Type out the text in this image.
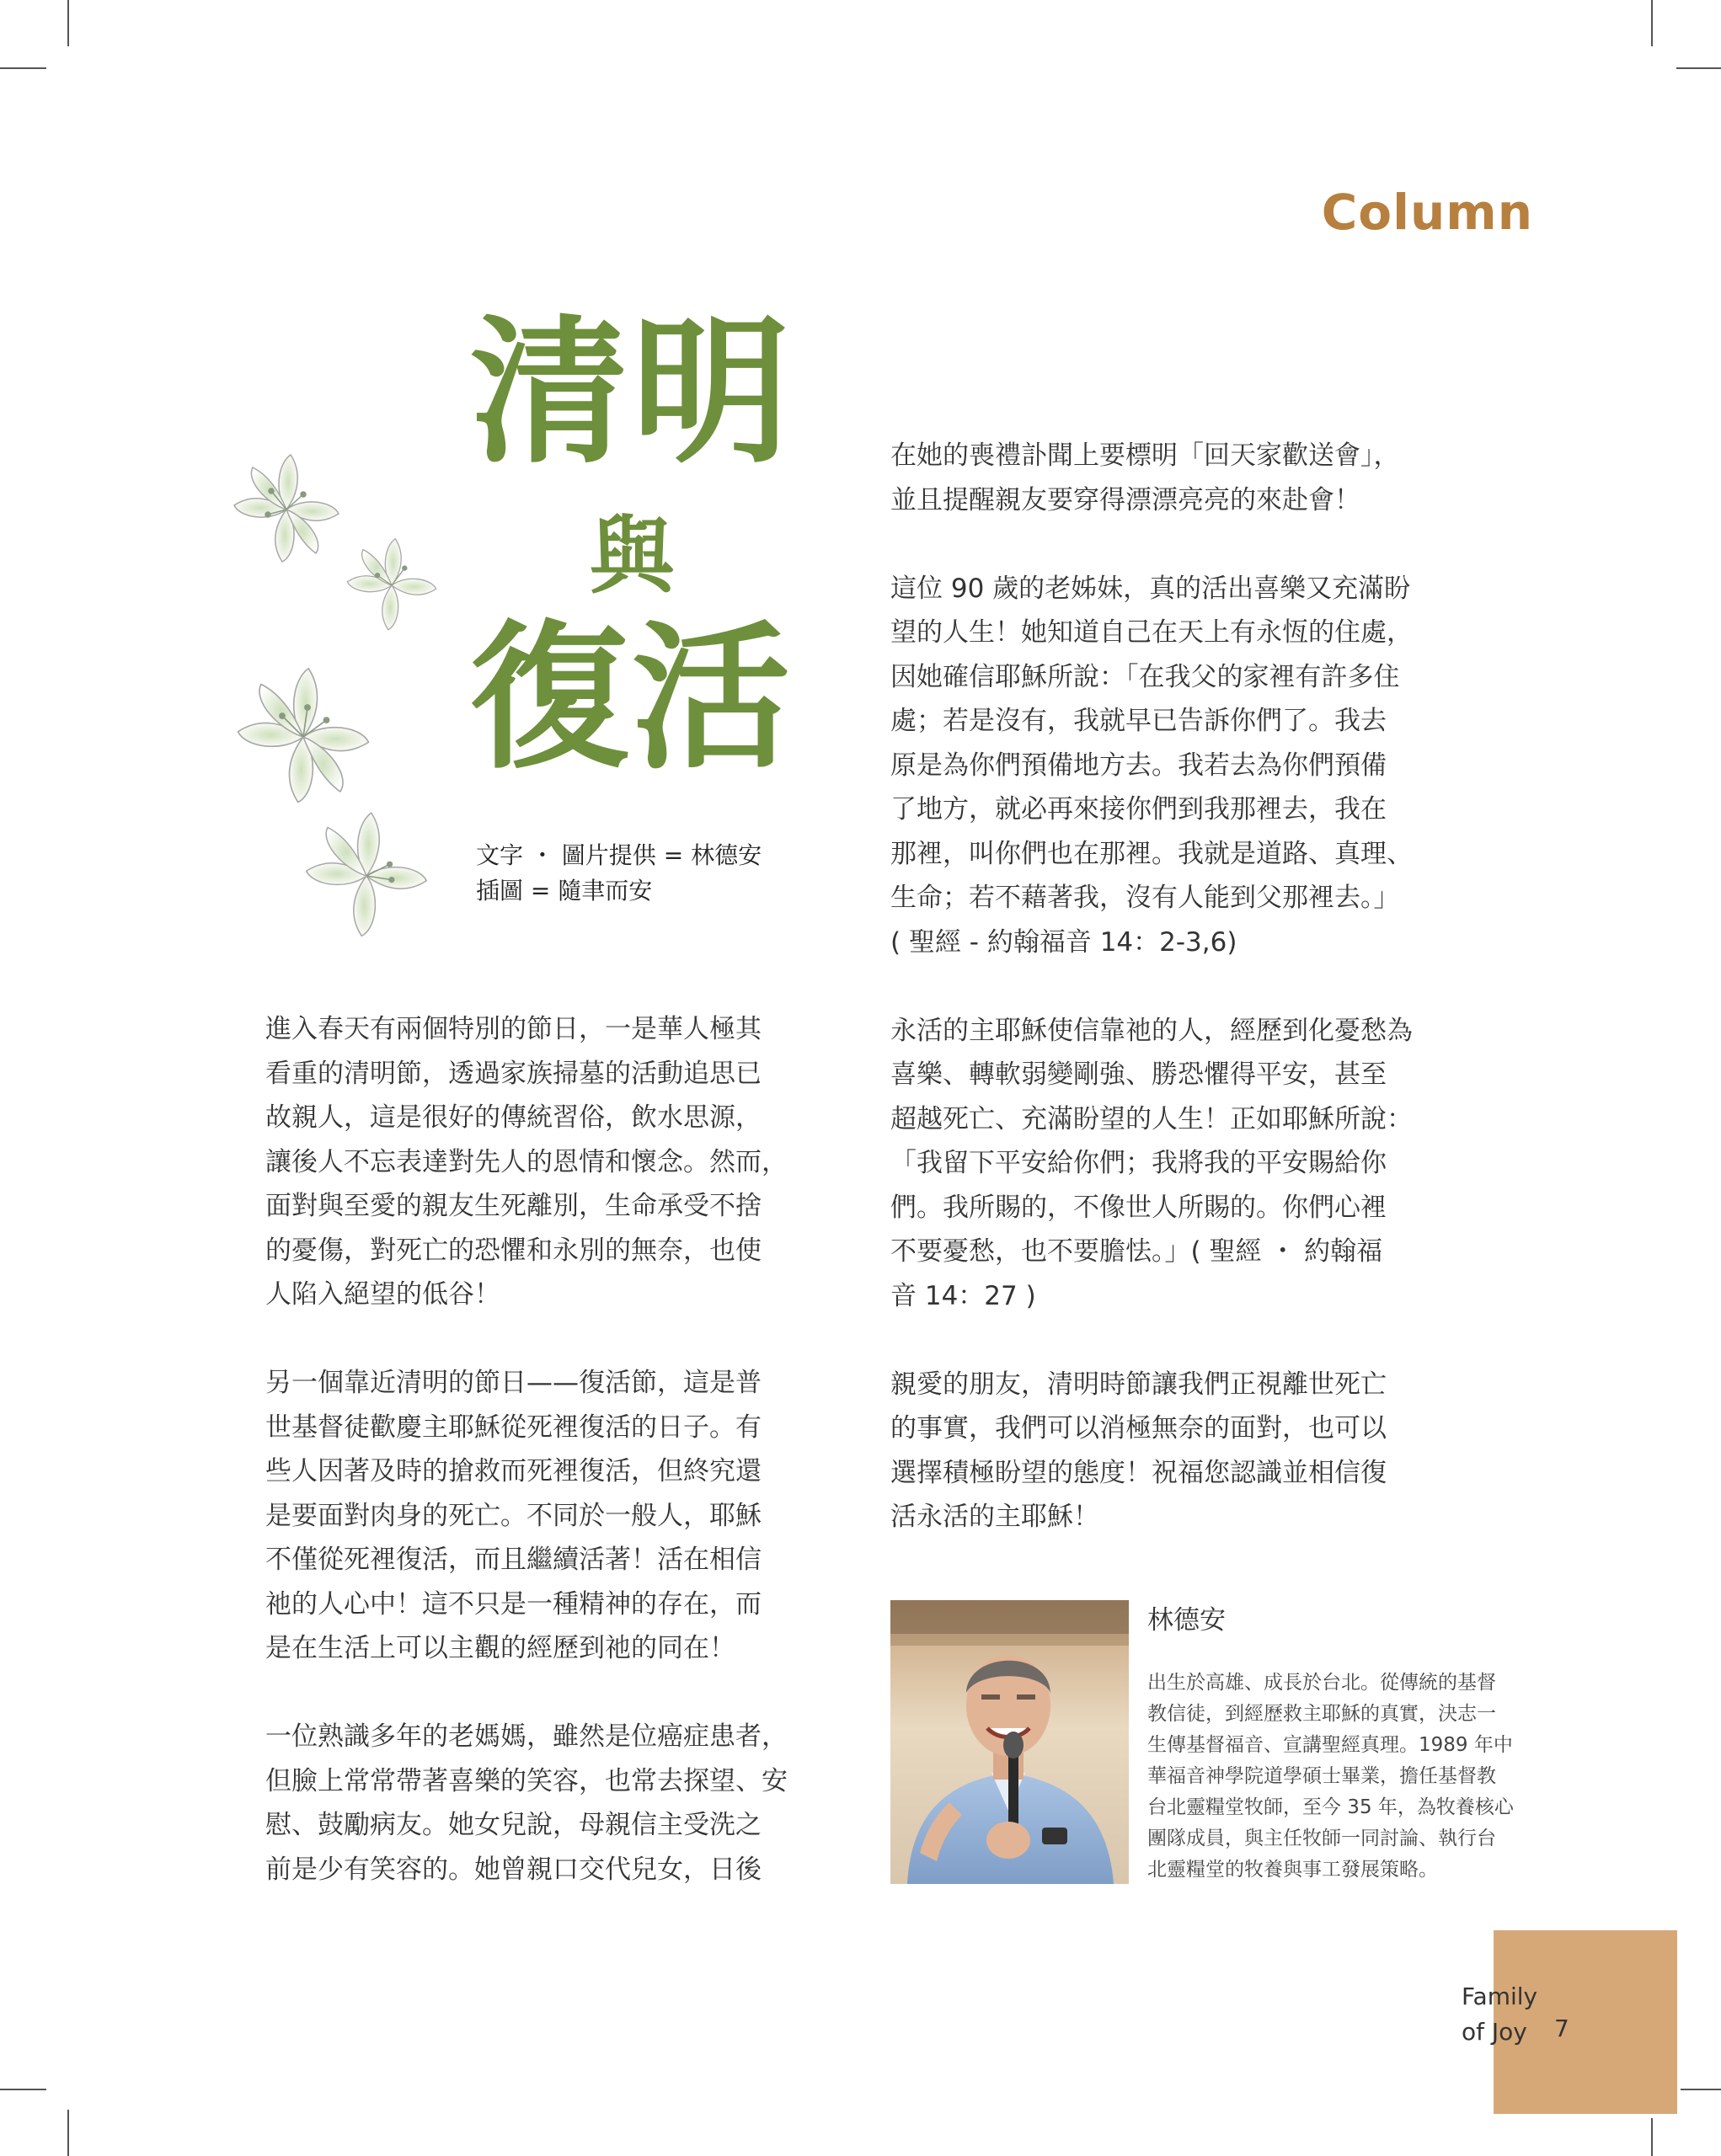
Column
清明
與
復活
文字 ・ 圖片提供 = 林德安
插圖 = 隨聿而安

進入春天有兩個特別的節日，一是華人極其
看重的清明節，透過家族掃墓的活動追思已
故親人，這是很好的傳統習俗，飲水思源，
讓後人不忘表達對先人的恩情和懷念。然而，
面對與至愛的親友生死離別，生命承受不捨
的憂傷，對死亡的恐懼和永別的無奈，也使
人陷入絕望的低谷！

另一個靠近清明的節日——復活節，這是普
世基督徒歡慶主耶穌從死裡復活的日子。有
些人因著及時的搶救而死裡復活，但終究還
是要面對肉身的死亡。不同於一般人，耶穌
不僅從死裡復活，而且繼續活著！活在相信
祂的人心中！這不只是一種精神的存在，而
是在生活上可以主觀的經歷到祂的同在！

一位熟識多年的老媽媽，雖然是位癌症患者，
但臉上常常帶著喜樂的笑容，也常去探望、安
慰、鼓勵病友。她女兒說，母親信主受洗之
前是少有笑容的。她曾親口交代兒女，日後

在她的喪禮訃聞上要標明「回天家歡送會」，
並且提醒親友要穿得漂漂亮亮的來赴會！

這位 90 歲的老姊妹，真的活出喜樂又充滿盼
望的人生！她知道自己在天上有永恆的住處，
因她確信耶穌所說：「在我父的家裡有許多住
處；若是沒有，我就早已告訴你們了。我去
原是為你們預備地方去。我若去為你們預備
了地方，就必再來接你們到我那裡去，我在
那裡，叫你們也在那裡。我就是道路、真理、
生命；若不藉著我，沒有人能到父那裡去。」
( 聖經 - 約翰福音 14：2-3,6)

永活的主耶穌使信靠祂的人，經歷到化憂愁為
喜樂、轉軟弱變剛強、勝恐懼得平安，甚至
超越死亡、充滿盼望的人生！正如耶穌所說：
「我留下平安給你們；我將我的平安賜給你
們。我所賜的，不像世人所賜的。你們心裡
不要憂愁，也不要膽怯。」( 聖經 ・ 約翰福
音 14：27 )

親愛的朋友，清明時節讓我們正視離世死亡
的事實，我們可以消極無奈的面對，也可以
選擇積極盼望的態度！祝福您認識並相信復
活永活的主耶穌！

林德安
出生於高雄、成長於台北。從傳統的基督
教信徒，到經歷救主耶穌的真實，決志一
生傳基督福音、宣講聖經真理。1989 年中
華福音神學院道學碩士畢業，擔任基督教
台北靈糧堂牧師，至今 35 年，為牧養核心
團隊成員，與主任牧師一同討論、執行台
北靈糧堂的牧養與事工發展策略。
Family
of Joy	7
